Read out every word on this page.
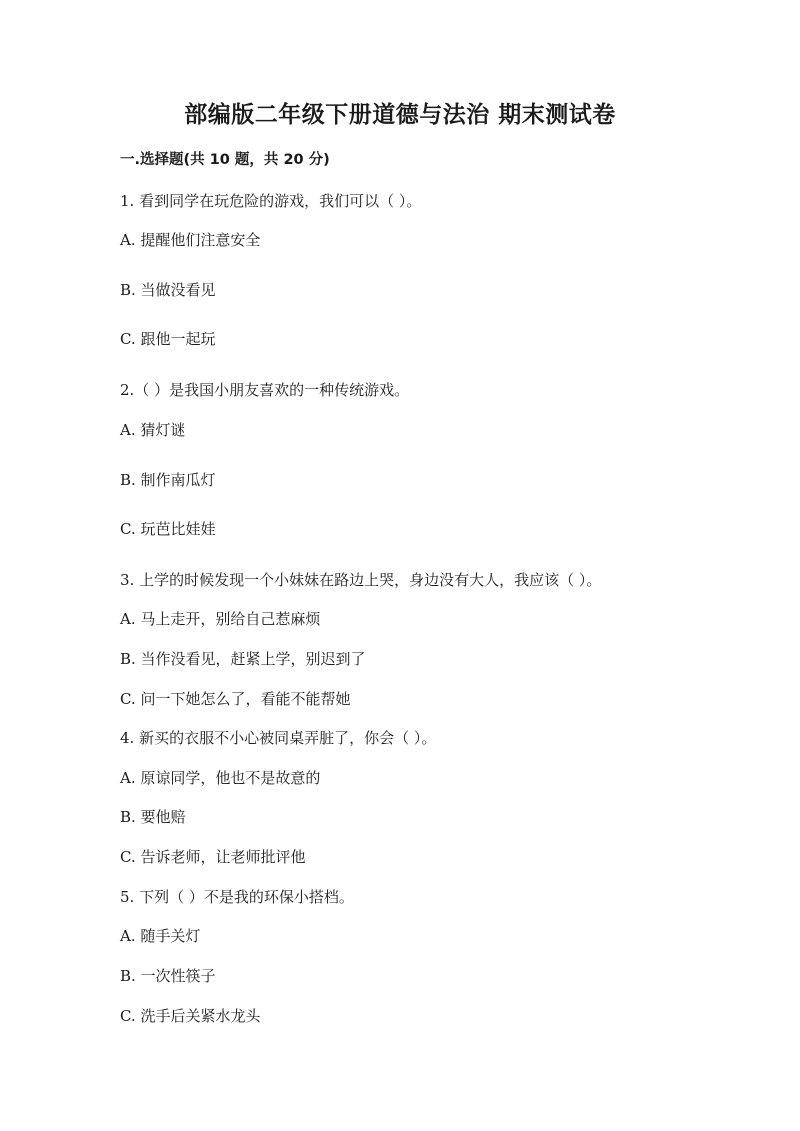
部编版二年级下册道德与法治 期末测试卷
一.选择题(共 10 题，共 20 分)
1. 看到同学在玩危险的游戏，我们可以（ ）。
A. 提醒他们注意安全
B. 当做没看见
C. 跟他一起玩
2.（ ）是我国小朋友喜欢的一种传统游戏。
A. 猜灯谜
B. 制作南瓜灯
C. 玩芭比娃娃
3. 上学的时候发现一个小妹妹在路边上哭，身边没有大人，我应该（ ）。
A. 马上走开，别给自己惹麻烦
B. 当作没看见，赶紧上学，别迟到了
C. 问一下她怎么了，看能不能帮她
4. 新买的衣服不小心被同桌弄脏了，你会（ ）。
A. 原谅同学，他也不是故意的
B. 要他赔
C. 告诉老师，让老师批评他
5. 下列（ ）不是我的环保小搭档。
A. 随手关灯
B. 一次性筷子
C. 洗手后关紧水龙头
